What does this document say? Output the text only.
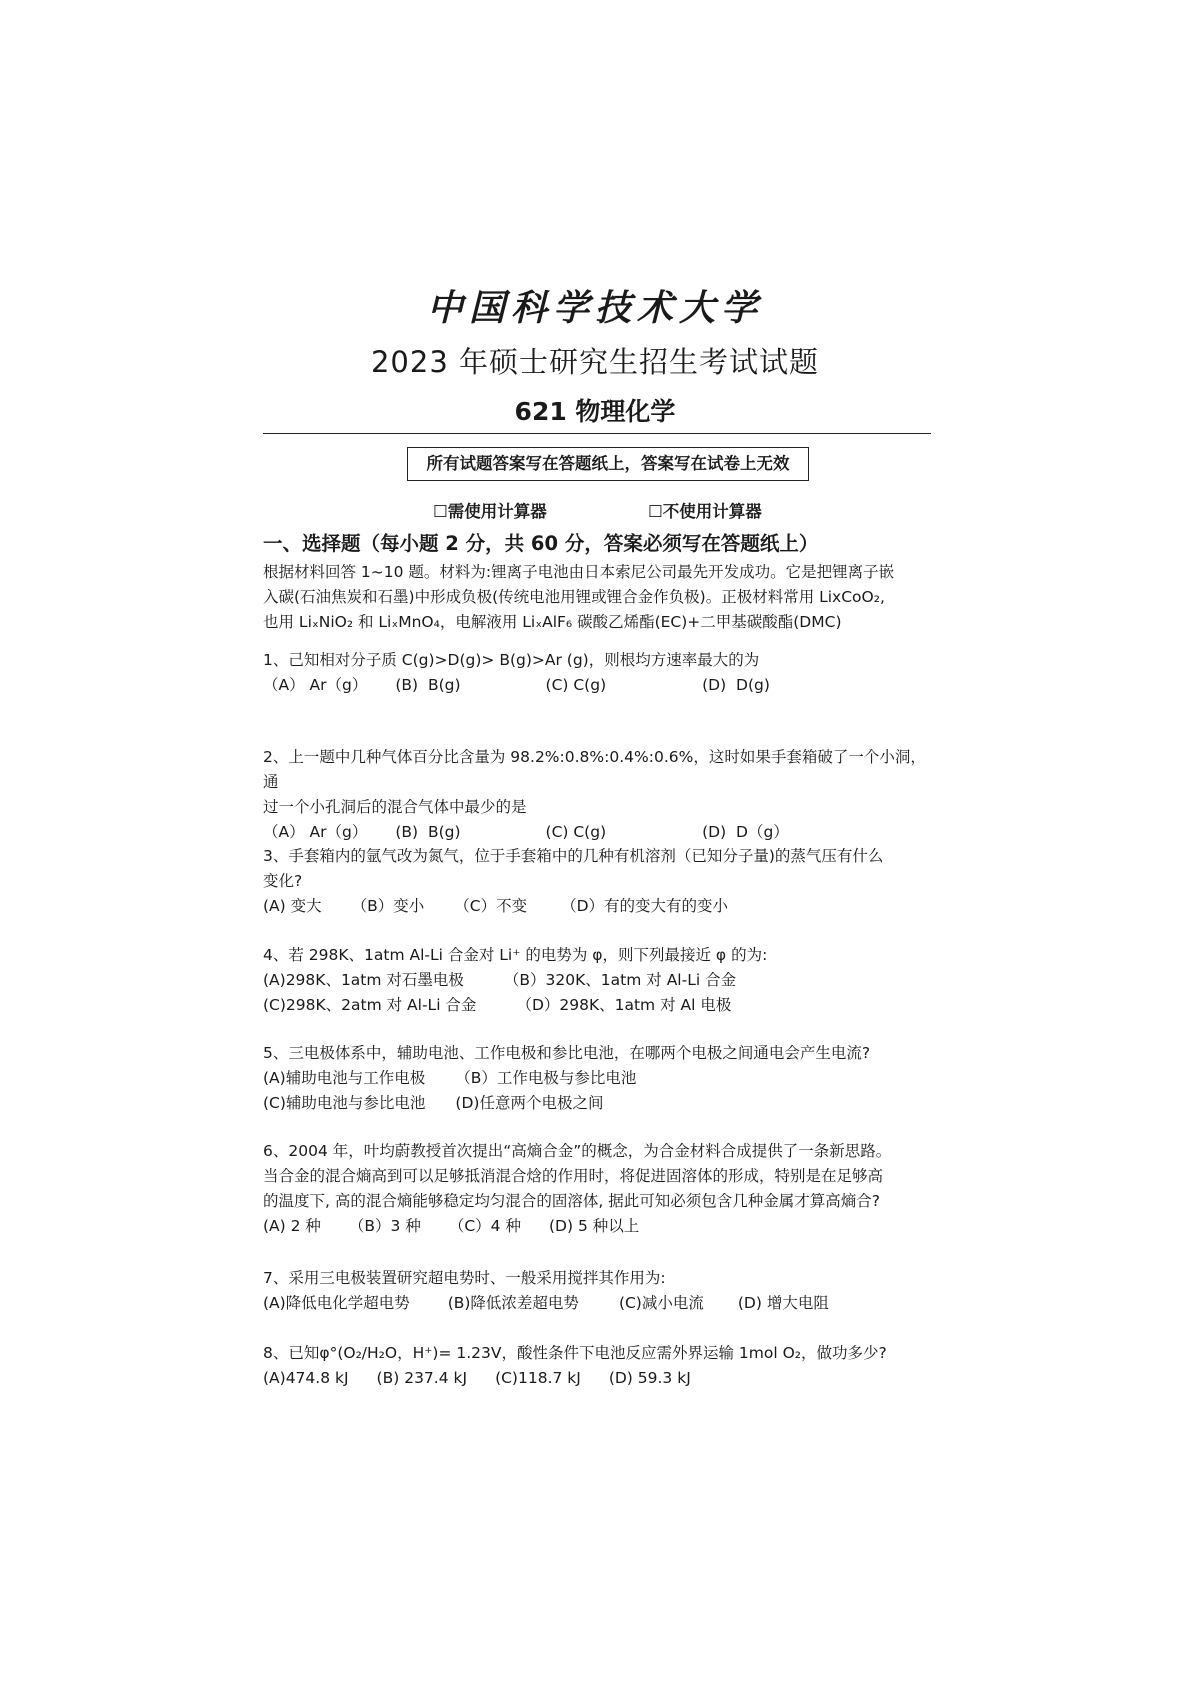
中国科学技术大学
2023 年硕士研究生招生考试试题
621 物理化学
所有试题答案写在答题纸上，答案写在试卷上无效
☐需使用计算器	☐不使用计算器
一、选择题（每小题 2 分，共 60 分，答案必须写在答题纸上）
根据材料回答 1~10 题。材料为:锂离子电池由日本索尼公司最先开发成功。它是把锂离子嵌
入碳(石油焦炭和石墨)中形成负极(传统电池用锂或锂合金作负极)。正极材料常用 LixCoO₂,
也用 LiₓNiO₂ 和 LiₓMnO₄，电解液用 LiₓAlF₆ 碳酸乙烯酯(EC)+二甲基碳酸酯(DMC)

1、己知相对分子质 C(g)>D(g)> B(g)>Ar (g)，则根均方速率最大的为

（A） Ar（g） (B)  B(g)	(C) C(g)	(D)  D(g)

2、上一题中几种气体百分比含量为 98.2%:0.8%:0.4%:0.6%，这时如果手套箱破了一个小洞，通

过一个小孔洞后的混合气体中最少的是

（A） Ar（g） (B)  B(g)	(C) C(g)	(D)  D（g）

3、手套箱内的氩气改为氮气，位于手套箱中的几种有机溶剂（已知分子量)的蒸气压有什么

变化?

(A) 变大 （B）变小 （C）不变 （D）有的变大有的变小

4、若 298K、1atm Al-Li 合金对 Li⁺ 的电势为 φ，则下列最接近 φ 的为:

(A)298K、1atm 对石墨电极	（B）320K、1atm 对 Al-Li 合金

(C)298K、2atm 对 Al-Li 合金	（D）298K、1atm 对 Al 电极

5、三电极体系中，辅助电池、工作电极和参比电池，在哪两个电极之间通电会产生电流?

(A)辅助电池与工作电极 （B）工作电极与参比电池

(C)辅助电池与参比电池 (D)任意两个电极之间

6、2004 年，叶均蔚教授首次提出“高熵合金”的概念，为合金材料合成提供了一条新思路。

当合金的混合熵高到可以足够抵消混合焓的作用时，将促进固溶体的形成，特别是在足够高

的温度下, 高的混合熵能够稳定均匀混合的固溶体, 据此可知必须包含几种金属才算高熵合?

(A) 2 种 （B）3 种 （C）4 种 (D) 5 种以上

7、采用三电极装置研究超电势时、一般采用搅拌其作用为:

(A)降低电化学超电势 (B)降低浓差超电势	(C)减小电流 (D) 增大电阻

8、已知φ°(O₂/H₂O，H⁺)= 1.23V，酸性条件下电池反应需外界运输 1mol O₂，做功多少?

(A)474.8 kJ (B) 237.4 kJ (C)118.7 kJ (D) 59.3 kJ
